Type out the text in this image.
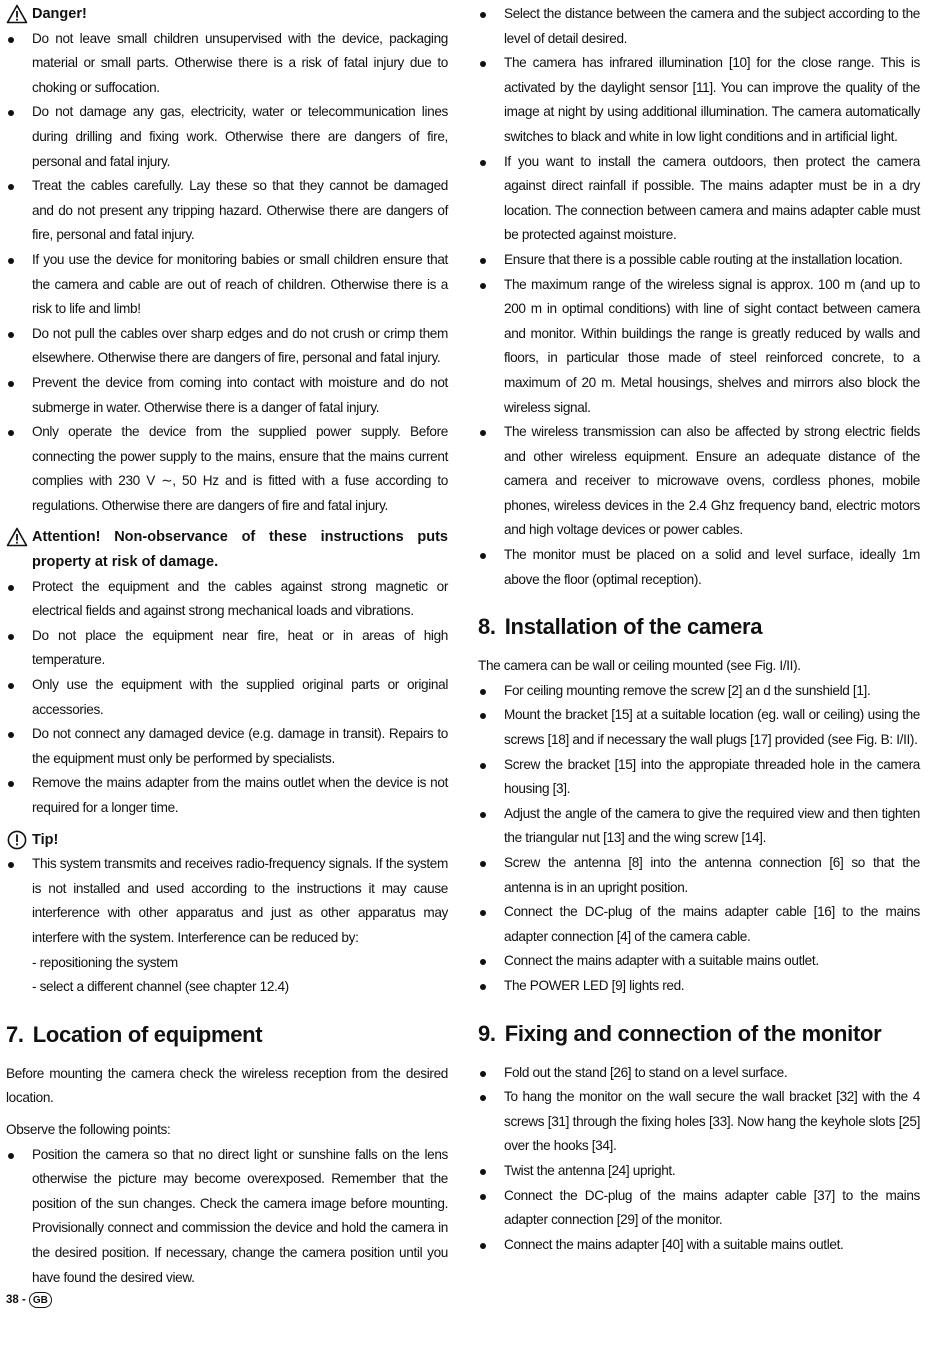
Danger!
Do not leave small children unsupervised with the device, packaging material or small parts. Otherwise there is a risk of fatal injury due to choking or suffocation.
Do not damage any gas, electricity, water or telecommunication lines during drilling and fixing work. Otherwise there are dangers of fire, personal and fatal injury.
Treat the cables carefully. Lay these so that they cannot be damaged and do not present any tripping hazard. Otherwise there are dangers of fire, personal and fatal injury.
If you use the device for monitoring babies or small children ensure that the camera and cable are out of reach of children. Otherwise there is a risk to life and limb!
Do not pull the cables over sharp edges and do not crush or crimp them elsewhere. Otherwise there are dangers of fire, personal and fatal injury.
Prevent the device from coming into contact with moisture and do not submerge in water. Otherwise there is a danger of fatal injury.
Only operate the device from the supplied power supply. Before connecting the power supply to the mains, ensure that the mains current complies with 230 V ∼, 50 Hz and is fitted with a fuse according to regulations. Otherwise there are dangers of fire and fatal injury.
Attention! Non-observance of these instructions puts property at risk of damage.
Protect the equipment and the cables against strong magnetic or electrical fields and against strong mechanical loads and vibrations.
Do not place the equipment near fire, heat or in areas of high temperature.
Only use the equipment with the supplied original parts or original accessories.
Do not connect any damaged device (e.g. damage in transit). Repairs to the equipment must only be performed by specialists.
Remove the mains adapter from the mains outlet when the device is not required for a longer time.
Tip!
This system transmits and receives radio-frequency signals. If the system is not installed and used according to the instructions it may cause interference with other apparatus and just as other apparatus may interfere with the system. Interference can be reduced by:
- repositioning the system
- select a different channel (see chapter 12.4)
7. Location of equipment

Before mounting the camera check the wireless reception from the desired location.

Observe the following points:

Position the camera so that no direct light or sunshine falls on the lens otherwise the picture may become overexposed. Remember that the position of the sun changes. Check the camera image before mounting. Provisionally connect and commission the device and hold the camera in the desired position. If necessary, change the camera position until you have found the desired view.
Select the distance between the camera and the subject according to the level of detail desired.
The camera has infrared illumination [10] for the close range. This is activated by the daylight sensor [11]. You can improve the quality of the image at night by using additional illumination. The camera automatically switches to black and white in low light conditions and in artificial light.
If you want to install the camera outdoors, then protect the camera against direct rainfall if possible. The mains adapter must be in a dry location. The connection between camera and mains adapter cable must be protected against moisture.
Ensure that there is a possible cable routing at the installation location.
The maximum range of the wireless signal is approx. 100 m (and up to 200 m in optimal conditions) with line of sight contact between camera and monitor. Within buildings the range is greatly reduced by walls and floors, in particular those made of steel reinforced concrete, to a maximum of 20 m. Metal housings, shelves and mirrors also block the wireless signal.
The wireless transmission can also be affected by strong electric fields and other wireless equipment. Ensure an adequate distance of the camera and receiver to microwave ovens, cordless phones, mobile phones, wireless devices in the 2.4 Ghz frequency band, electric motors and high voltage devices or power cables.
The monitor must be placed on a solid and level surface, ideally 1m above the floor (optimal reception).
8. Installation of the camera

The camera can be wall or ceiling mounted (see Fig. I/II).

For ceiling mounting remove the screw [2] an d the sunshield [1].
Mount the bracket [15] at a suitable location (eg. wall or ceiling) using the screws [18] and if necessary the wall plugs [17] provided (see Fig. B: I/II).
Screw the bracket [15] into the appropiate threaded hole in the camera housing [3].
Adjust the angle of the camera to give the required view and then tighten the triangular nut [13] and the wing screw [14].
Screw the antenna [8] into the antenna connection [6] so that the antenna is in an upright position.
Connect the DC-plug of the mains adapter cable [16] to the mains adapter connection [4] of the camera cable.
Connect the mains adapter with a suitable mains outlet.
The POWER LED [9] lights red.
9. Fixing and connection of the monitor
Fold out the stand [26] to stand on a level surface.
To hang the monitor on the wall secure the wall bracket [32] with the 4 screws [31] through the fixing holes [33]. Now hang the keyhole slots [25] over the hooks [34].
Twist the antenna [24] upright.
Connect the DC-plug of the mains adapter cable [37] to the mains adapter connection [29] of the monitor.
Connect the mains adapter [40] with a suitable mains outlet.
38 - GB
